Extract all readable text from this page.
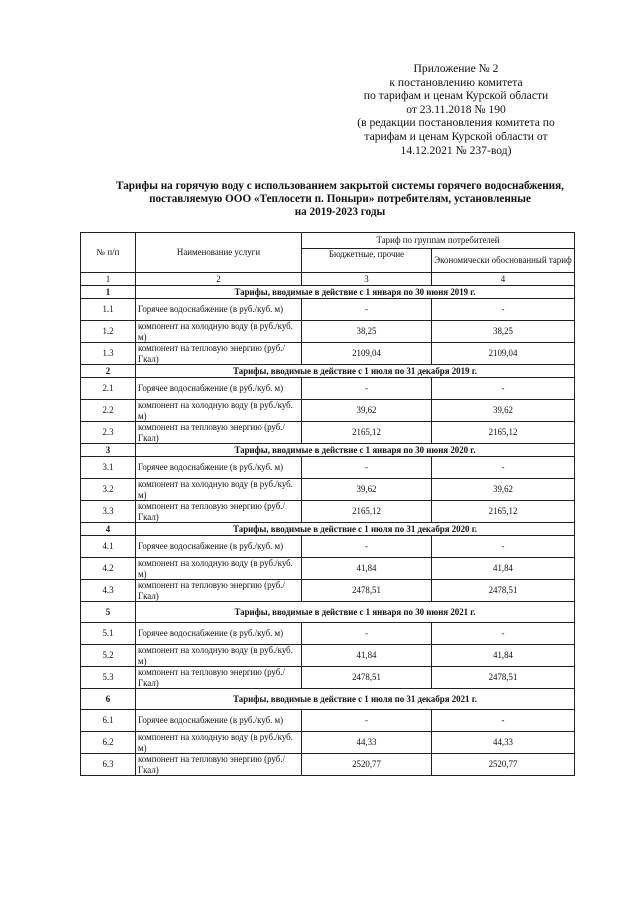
Приложение № 2
к постановлению комитета
по тарифам и ценам Курской области
от 23.11.2018 № 190
(в редакции постановления комитета по
тарифам и ценам Курской области от
14.12.2021 № 237-вод)
Тарифы на горячую воду с использованием закрытой системы горячего водоснабжения,
поставляемую ООО «Теплосети п. Поныри» потребителям, установленные
на 2019-2023 годы
№ п/п	Наименование услуги	Тариф по группам потребителей	
		Бюджетные, прочие	Экономически обоснованный тариф
1	2	3	4
1	Тарифы, вводимые в действие с 1 января по 30 июня 2019 г.		
1.1	Горячее водоснабжение (в руб./куб. м)	-	-
1.2	компонент на холодную воду (в руб./куб. м)	38,25	38,25
1.3	компонент на тепловую энергию (руб./Гкал)	2109,04	2109,04
2	Тарифы, вводимые в действие с 1 июля по 31 декабря 2019 г.		
2.1	Горячее водоснабжение (в руб./куб. м)	-	-
2.2	компонент на холодную воду (в руб./куб. м)	39,62	39,62
2.3	компонент на тепловую энергию (руб./Гкал)	2165,12	2165,12
3	Тарифы, вводимые в действие с 1 января по 30 июня 2020 г.		
3.1	Горячее водоснабжение (в руб./куб. м)	-	-
3.2	компонент на холодную воду (в руб./куб. м)	39,62	39,62
3.3	компонент на тепловую энергию (руб./Гкал)	2165,12	2165,12
4	Тарифы, вводимые в действие с 1 июля по 31 декабря 2020 г.		
4.1	Горячее водоснабжение (в руб./куб. м)	-	-
4.2	компонент на холодную воду (в руб./куб. м)	41,84	41,84
4.3	компонент на тепловую энергию (руб./Гкал)	2478,51	2478,51
5	Тарифы, вводимые в действие с 1 января по 30 июня 2021 г.		
5.1	Горячее водоснабжение (в руб./куб. м)	-	-
5.2	компонент на холодную воду (в руб./куб. м)	41,84	41,84
5.3	компонент на тепловую энергию (руб./Гкал)	2478,51	2478,51
6	Тарифы, вводимые в действие с 1 июля по 31 декабря 2021 г.		
6.1	Горячее водоснабжение (в руб./куб. м)	-	-
6.2	компонент на холодную воду (в руб./куб. м)	44,33	44,33
6.3	компонент на тепловую энергию (руб./Гкал)	2520,77	2520,77
